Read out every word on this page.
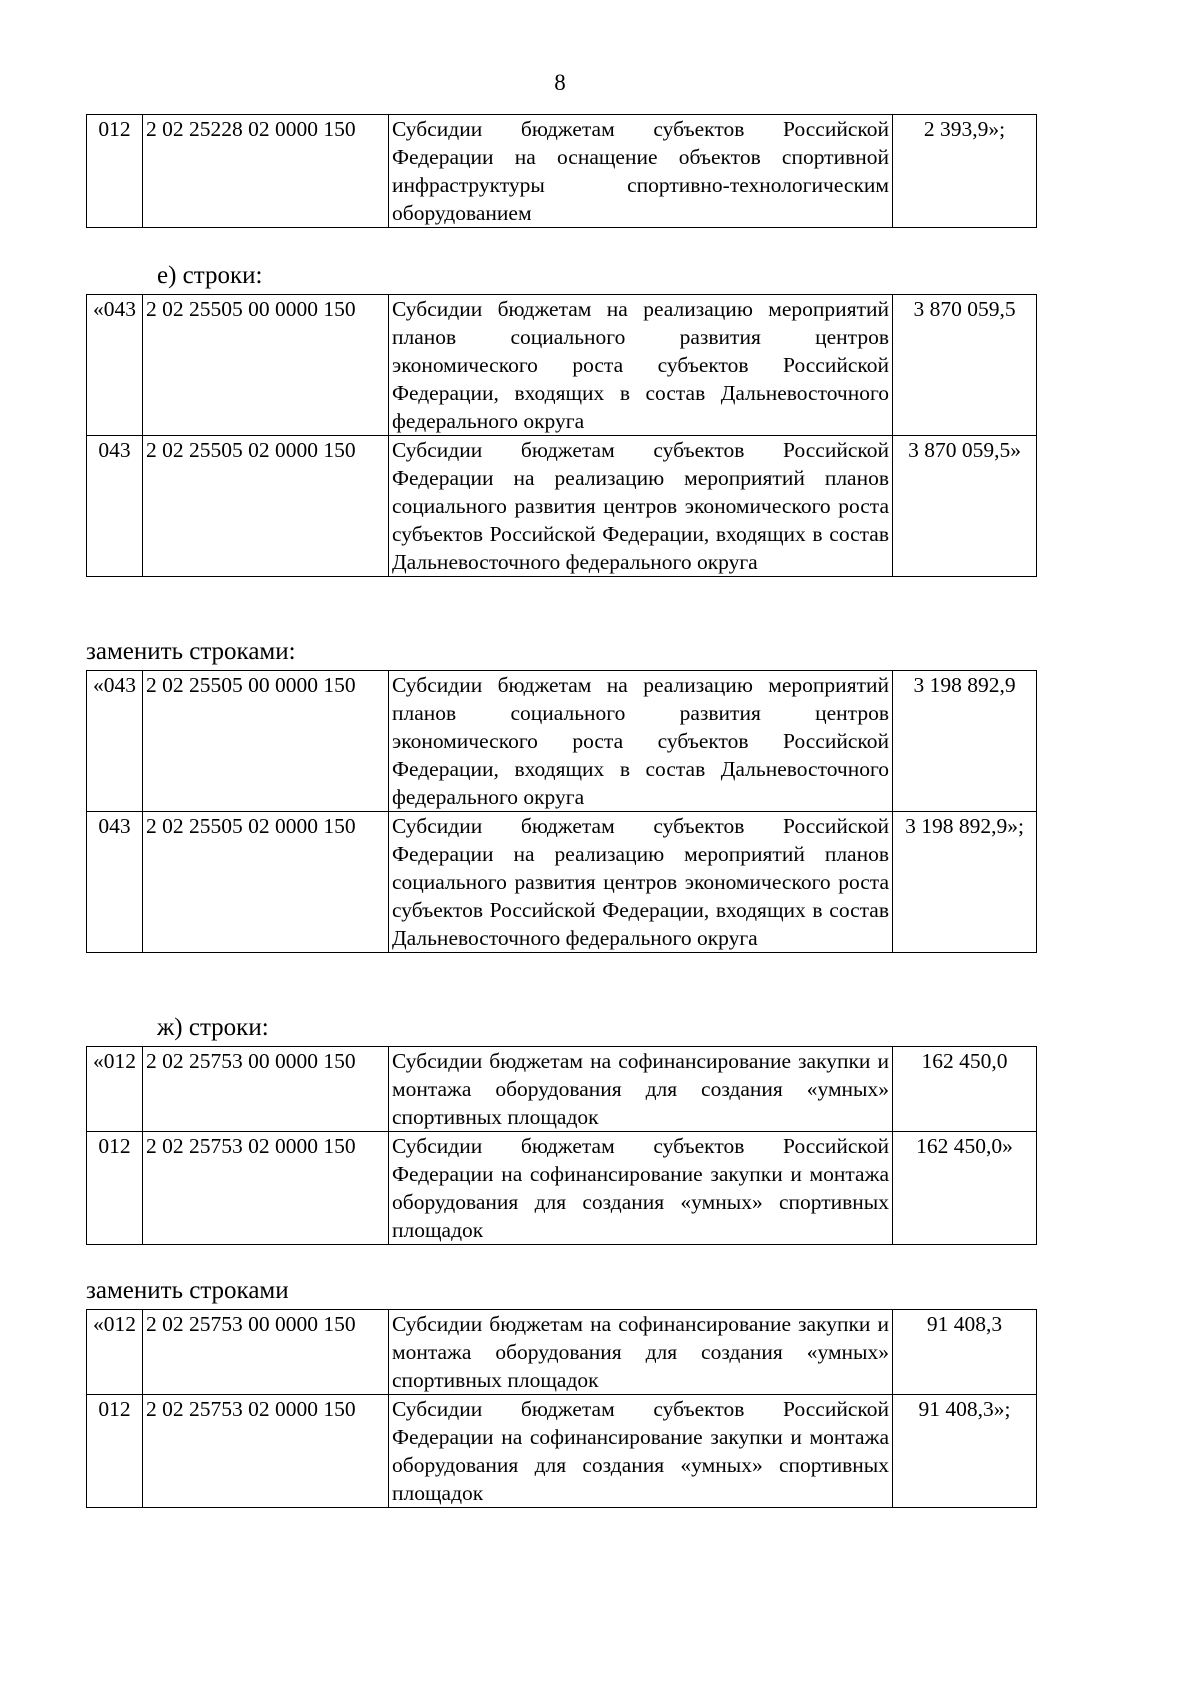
8
012	2 02 25228 02 0000 150	Субсидии бюджетам субъектов Российской Федерации на оснащение объектов спортивной инфраструктуры спортивно-технологическим оборудованием	2 393,9»;
е) строки:
«043	2 02 25505 00 0000 150	Субсидии бюджетам на реализацию мероприятий планов социального развития центров экономического роста субъектов Российской Федерации, входящих в состав Дальневосточного федерального округа	3 870 059,5
043	2 02 25505 02 0000 150	Субсидии бюджетам субъектов Российской Федерации на реализацию мероприятий планов социального развития центров экономического роста субъектов Российской Федерации, входящих в состав Дальневосточного федерального округа	3 870 059,5»
заменить строками:
«043	2 02 25505 00 0000 150	Субсидии бюджетам на реализацию мероприятий планов социального развития центров экономического роста субъектов Российской Федерации, входящих в состав Дальневосточного федерального округа	3 198 892,9
043	2 02 25505 02 0000 150	Субсидии бюджетам субъектов Российской Федерации на реализацию мероприятий планов социального развития центров экономического роста субъектов Российской Федерации, входящих в состав Дальневосточного федерального округа	3 198 892,9»;
ж) строки:
«012	2 02 25753 00 0000 150	Субсидии бюджетам на софинансирование закупки и монтажа оборудования для создания «умных» спортивных площадок	162 450,0
012	2 02 25753 02 0000 150	Субсидии бюджетам субъектов Российской Федерации на софинансирование закупки и монтажа оборудования для создания «умных» спортивных площадок	162 450,0»
заменить строками
«012	2 02 25753 00 0000 150	Субсидии бюджетам на софинансирование закупки и монтажа оборудования для создания «умных» спортивных площадок	91 408,3
012	2 02 25753 02 0000 150	Субсидии бюджетам субъектов Российской Федерации на софинансирование закупки и монтажа оборудования для создания «умных» спортивных площадок	91 408,3»;
